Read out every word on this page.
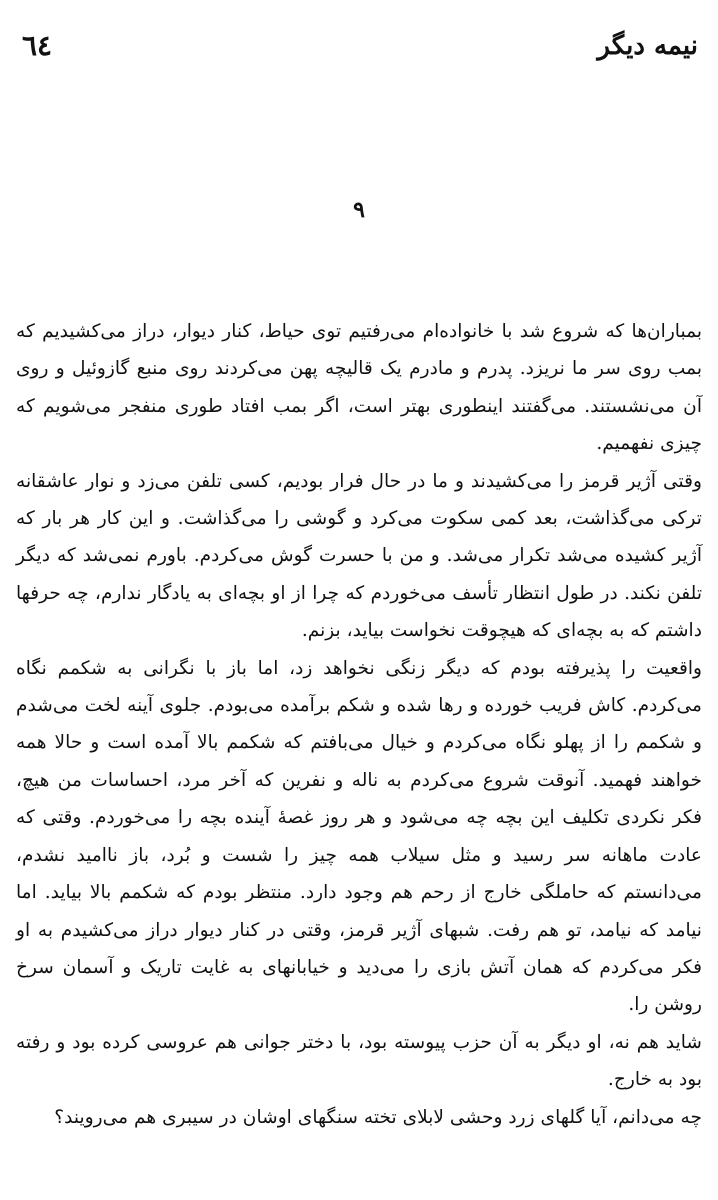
٦٤	نیمه دیگر
۹

بمباران‌ها که شروع شد با خانواده‌ام می‌رفتیم توی حیاط، کنار دیوار، دراز می‌کشیدیم که بمب روی سر ما نریزد. پدرم و مادرم یک قالیچه پهن می‌کردند روی منبع گازوئیل و روی آن می‌نشستند. می‌گفتند اینطوری بهتر است، اگر بمب افتاد طوری منفجر می‌شویم که چیزی نفهمیم.

وقتی آژیر قرمز را می‌کشیدند و ما در حال فرار بودیم، کسی تلفن می‌زد و نوار عاشقانه ترکی می‌گذاشت، بعد کمی سکوت می‌کرد و گوشی را می‌گذاشت. و این کار هر بار که آژیر کشیده می‌شد تکرار می‌شد. و من با حسرت گوش می‌کردم. باورم نمی‌شد که دیگر تلفن نکند. در طول انتظار تأسف می‌خوردم که چرا از او بچه‌ای به یادگار ندارم، چه حرفها داشتم که به بچه‌ای که هیچوقت نخواست بیاید، بزنم.

واقعیت را پذیرفته بودم که دیگر زنگی نخواهد زد، اما باز با نگرانی به شکمم نگاه می‌کردم. کاش فریب خورده و رها شده و شکم برآمده می‌بودم. جلوی آینه لخت می‌شدم و شکمم را از پهلو نگاه می‌کردم و خیال می‌بافتم که شکمم بالا آمده است و حالا همه خواهند فهمید. آنوقت شروع می‌کردم به ناله و نفرین که آخر مرد، احساسات من هیچ، فکر نکردی تکلیف این بچه چه می‌شود و هر روز غصهٔ آینده بچه را می‌خوردم. وقتی که عادت ماهانه سر رسید و مثل سیلاب همه چیز را شست و بُرد، باز ناامید نشدم، می‌دانستم که حاملگی خارج از رحم هم وجود دارد. منتظر بودم که شکمم بالا بیاید. اما نیامد که نیامد، تو هم رفت. شبهای آژیر قرمز، وقتی در کنار دیوار دراز می‌کشیدم به او فکر می‌کردم که همان آتش بازی را می‌دید و خیابانهای به غایت تاریک و آسمان سرخ روشن را.

شاید هم نه، او دیگر به آن حزب پیوسته بود، با دختر جوانی هم عروسی کرده بود و رفته بود به خارج.

چه می‌دانم، آیا گلهای زرد وحشی لابلای تخته سنگهای اوشان در سیبری هم می‌رویند؟
